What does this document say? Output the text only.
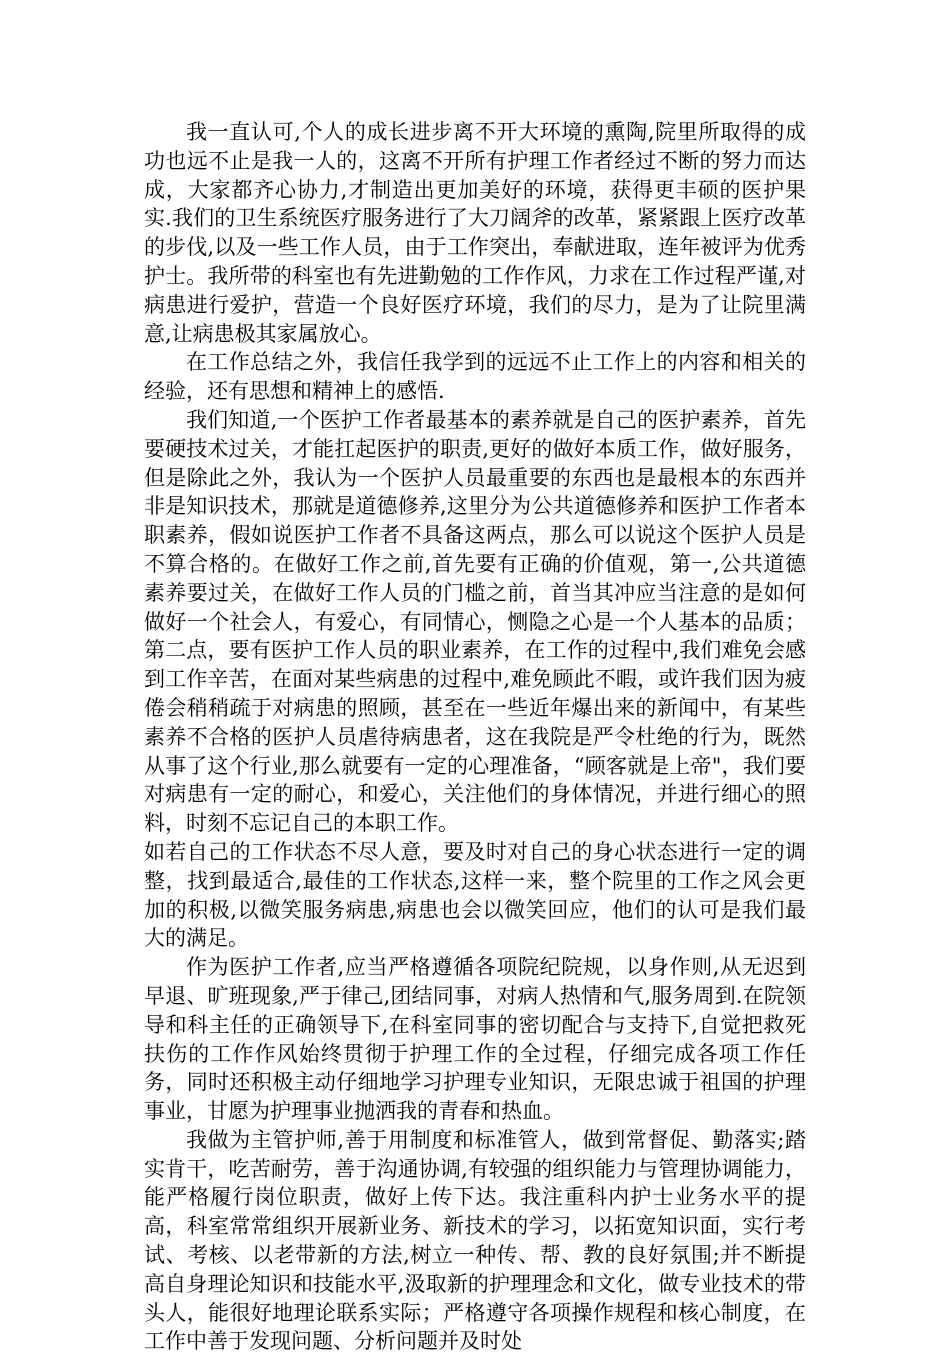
我一直认可,个人的成长进步离不开大环境的熏陶,院里所取得的成功也远不止是我一人的，这离不开所有护理工作者经过不断的努力而达成，大家都齐心协力,才制造出更加美好的环境，获得更丰硕的医护果实.我们的卫生系统医疗服务进行了大刀阔斧的改革，紧紧跟上医疗改革的步伐,以及一些工作人员，由于工作突出，奉献进取，连年被评为优秀护士。我所带的科室也有先进勤勉的工作作风，力求在工作过程严谨,对病患进行爱护，营造一个良好医疗环境，我们的尽力，是为了让院里满意,让病患极其家属放心。

在工作总结之外，我信任我学到的远远不止工作上的内容和相关的经验，还有思想和精神上的感悟.

我们知道,一个医护工作者最基本的素养就是自己的医护素养，首先要硬技术过关，才能扛起医护的职责,更好的做好本质工作，做好服务，但是除此之外，我认为一个医护人员最重要的东西也是最根本的东西并非是知识技术，那就是道德修养,这里分为公共道德修养和医护工作者本职素养，假如说医护工作者不具备这两点，那么可以说这个医护人员是不算合格的。在做好工作之前,首先要有正确的价值观，第一,公共道德素养要过关，在做好工作人员的门槛之前，首当其冲应当注意的是如何做好一个社会人，有爱心，有同情心，恻隐之心是一个人基本的品质；第二点，要有医护工作人员的职业素养，在工作的过程中,我们难免会感到工作辛苦，在面对某些病患的过程中,难免顾此不暇，或许我们因为疲倦会稍稍疏于对病患的照顾，甚至在一些近年爆出来的新闻中，有某些素养不合格的医护人员虐待病患者，这在我院是严令杜绝的行为，既然从事了这个行业,那么就要有一定的心理准备，“顾客就是上帝"，我们要对病患有一定的耐心，和爱心，关注他们的身体情况，并进行细心的照料，时刻不忘记自己的本职工作。

如若自己的工作状态不尽人意，要及时对自己的身心状态进行一定的调整，找到最适合,最佳的工作状态,这样一来，整个院里的工作之风会更加的积极,以微笑服务病患,病患也会以微笑回应，他们的认可是我们最大的满足。

作为医护工作者,应当严格遵循各项院纪院规，以身作则,从无迟到早退、旷班现象,严于律己,团结同事，对病人热情和气,服务周到.在院领导和科主任的正确领导下,在科室同事的密切配合与支持下,自觉把救死扶伤的工作作风始终贯彻于护理工作的全过程，仔细完成各项工作任务，同时还积极主动仔细地学习护理专业知识，无限忠诚于祖国的护理事业，甘愿为护理事业抛洒我的青春和热血。

我做为主管护师,善于用制度和标准管人，做到常督促、勤落实;踏实肯干，吃苦耐劳，善于沟通协调,有较强的组织能力与管理协调能力，能严格履行岗位职责，做好上传下达。我注重科内护士业务水平的提高，科室常常组织开展新业务、新技术的学习，以拓宽知识面，实行考试、考核、以老带新的方法,树立一种传、帮、教的良好氛围;并不断提高自身理论知识和技能水平,汲取新的护理理念和文化，做专业技术的带头人，能很好地理论联系实际；严格遵守各项操作规程和核心制度，在工作中善于发现问题、分析问题并及时处
